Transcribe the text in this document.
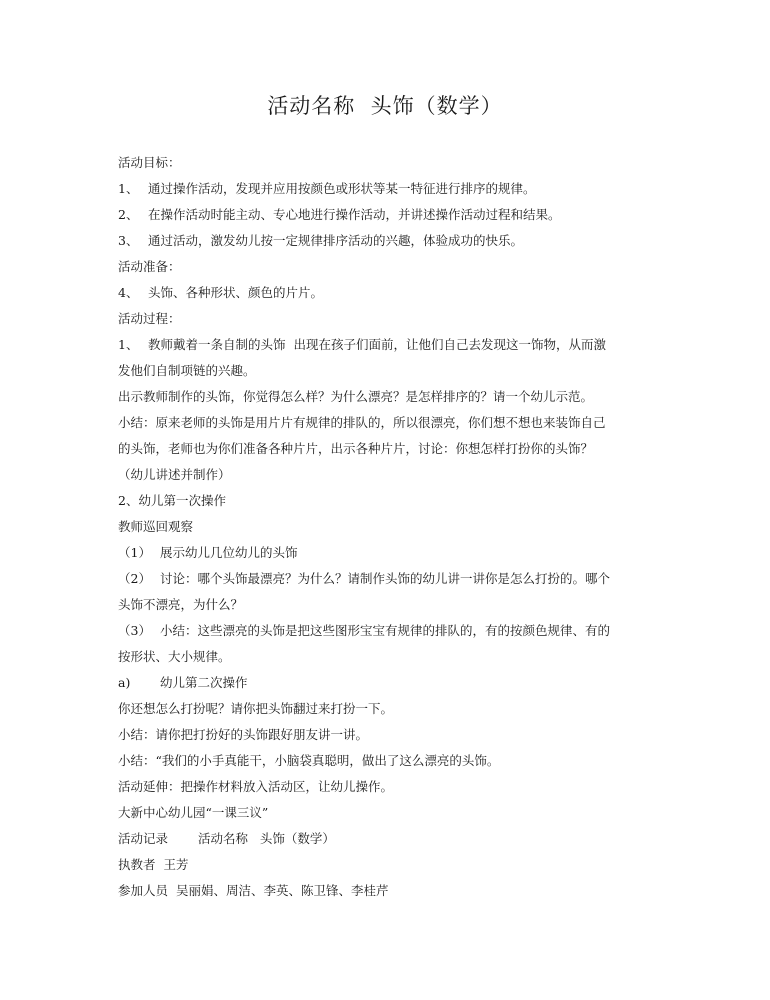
活动名称  头饰（数学）
活动目标：
1、 通过操作活动，发现并应用按颜色或形状等某一特征进行排序的规律。
2、 在操作活动时能主动、专心地进行操作活动，并讲述操作活动过程和结果。
3、 通过活动，激发幼儿按一定规律排序活动的兴趣，体验成功的快乐。
活动准备：
4、 头饰、各种形状、颜色的片片。
活动过程：
1、 教师戴着一条自制的头饰  出现在孩子们面前，让他们自己去发现这一饰物，从而激
发他们自制项链的兴趣。
出示教师制作的头饰，你觉得怎么样？为什么漂亮？是怎样排序的？请一个幼儿示范。
小结：原来老师的头饰是用片片有规律的排队的，所以很漂亮，你们想不想也来装饰自己
的头饰，老师也为你们准备各种片片，出示各种片片，讨论：你想怎样打扮你的头饰？
（幼儿讲述并制作）
2、幼儿第一次操作
教师巡回观察
（1） 展示幼儿几位幼儿的头饰
（2） 讨论：哪个头饰最漂亮？为什么？请制作头饰的幼儿讲一讲你是怎么打扮的。哪个
头饰不漂亮，为什么？
（3） 小结：这些漂亮的头饰是把这些图形宝宝有规律的排队的，有的按颜色规律、有的
按形状、大小规律。
a) 幼儿第二次操作
你还想怎么打扮呢？请你把头饰翻过来打扮一下。
小结：请你把打扮好的头饰跟好朋友讲一讲。
小结：“我们的小手真能干，小脑袋真聪明，做出了这么漂亮的头饰。
活动延伸：把操作材料放入活动区，让幼儿操作。
大新中心幼儿园“一课三议”
活动记录 活动名称   头饰（数学）
执教者  王芳
参加人员  吴丽娟、周洁、李英、陈卫锋、李桂芹
